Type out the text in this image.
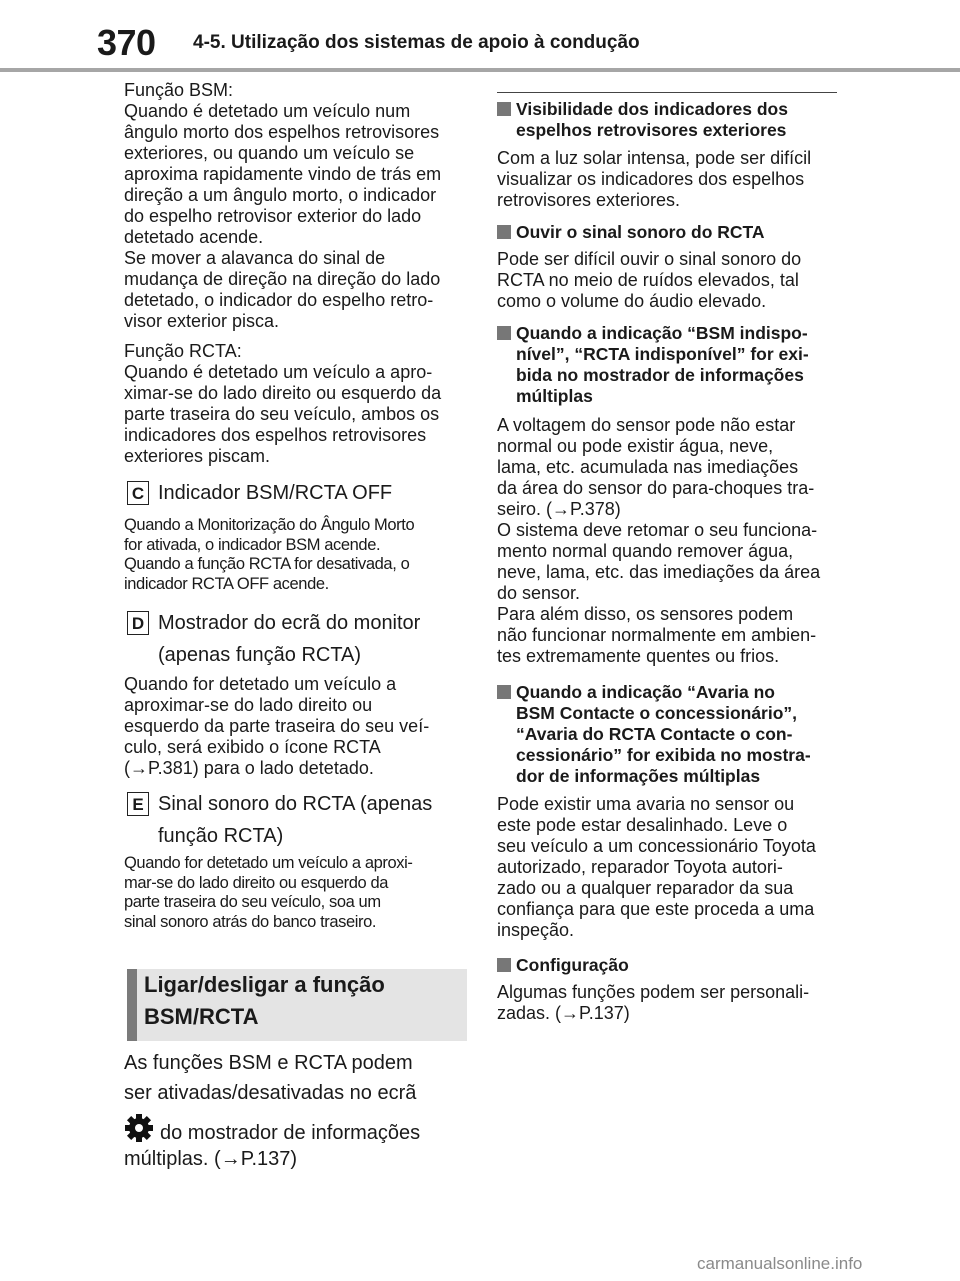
370 4-5. Utilização dos sistemas de apoio à condução
Função BSM:
Quando é detetado um veículo num
ângulo morto dos espelhos retrovisores
exteriores, ou quando um veículo se
aproxima rapidamente vindo de trás em
direção a um ângulo morto, o indicador
do espelho retrovisor exterior do lado
detetado acende.
Se mover a alavanca do sinal de
mudança de direção na direção do lado
detetado, o indicador do espelho retro-
visor exterior pisca.
Função RCTA:
Quando é detetado um veículo a apro-
ximar-se do lado direito ou esquerdo da
parte traseira do seu veículo, ambos os
indicadores dos espelhos retrovisores
exteriores piscam.
C Indicador BSM/RCTA OFF
Quando a Monitorização do Ângulo Morto
for ativada, o indicador BSM acende.
Quando a função RCTA for desativada, o
indicador RCTA OFF acende.
D Mostrador do ecrã do monitor
(apenas função RCTA)
Quando for detetado um veículo a
aproximar-se do lado direito ou
esquerdo da parte traseira do seu veí-
culo, será exibido o ícone RCTA
(→P.381) para o lado detetado.
E Sinal sonoro do RCTA (apenas
função RCTA)
Quando for detetado um veículo a aproxi-
mar-se do lado direito ou esquerdo da
parte traseira do seu veículo, soa um
sinal sonoro atrás do banco traseiro.
Ligar/desligar a função
BSM/RCTA
As funções BSM e RCTA podem
ser ativadas/desativadas no ecrã
do mostrador de informações
múltiplas. (→P.137)
Visibilidade dos indicadores dos
espelhos retrovisores exteriores
Com a luz solar intensa, pode ser difícil
visualizar os indicadores dos espelhos
retrovisores exteriores.
Ouvir o sinal sonoro do RCTA
Pode ser difícil ouvir o sinal sonoro do
RCTA no meio de ruídos elevados, tal
como o volume do áudio elevado.
Quando a indicação “BSM indispo-
nível”, “RCTA indisponível” for exi-
bida no mostrador de informações
múltiplas
A voltagem do sensor pode não estar
normal ou pode existir água, neve,
lama, etc. acumulada nas imediações
da área do sensor do para-choques tra-
seiro. (→P.378)
O sistema deve retomar o seu funciona-
mento normal quando remover água,
neve, lama, etc. das imediações da área
do sensor.
Para além disso, os sensores podem
não funcionar normalmente em ambien-
tes extremamente quentes ou frios.
Quando a indicação “Avaria no
BSM Contacte o concessionário”,
“Avaria do RCTA Contacte o con-
cessionário” for exibida no mostra-
dor de informações múltiplas
Pode existir uma avaria no sensor ou
este pode estar desalinhado. Leve o
seu veículo a um concessionário Toyota
autorizado, reparador Toyota autori-
zado ou a qualquer reparador da sua
confiança para que este proceda a uma
inspeção.
Configuração
Algumas funções podem ser personali-
zadas. (→P.137)
carmanualsonline.info
